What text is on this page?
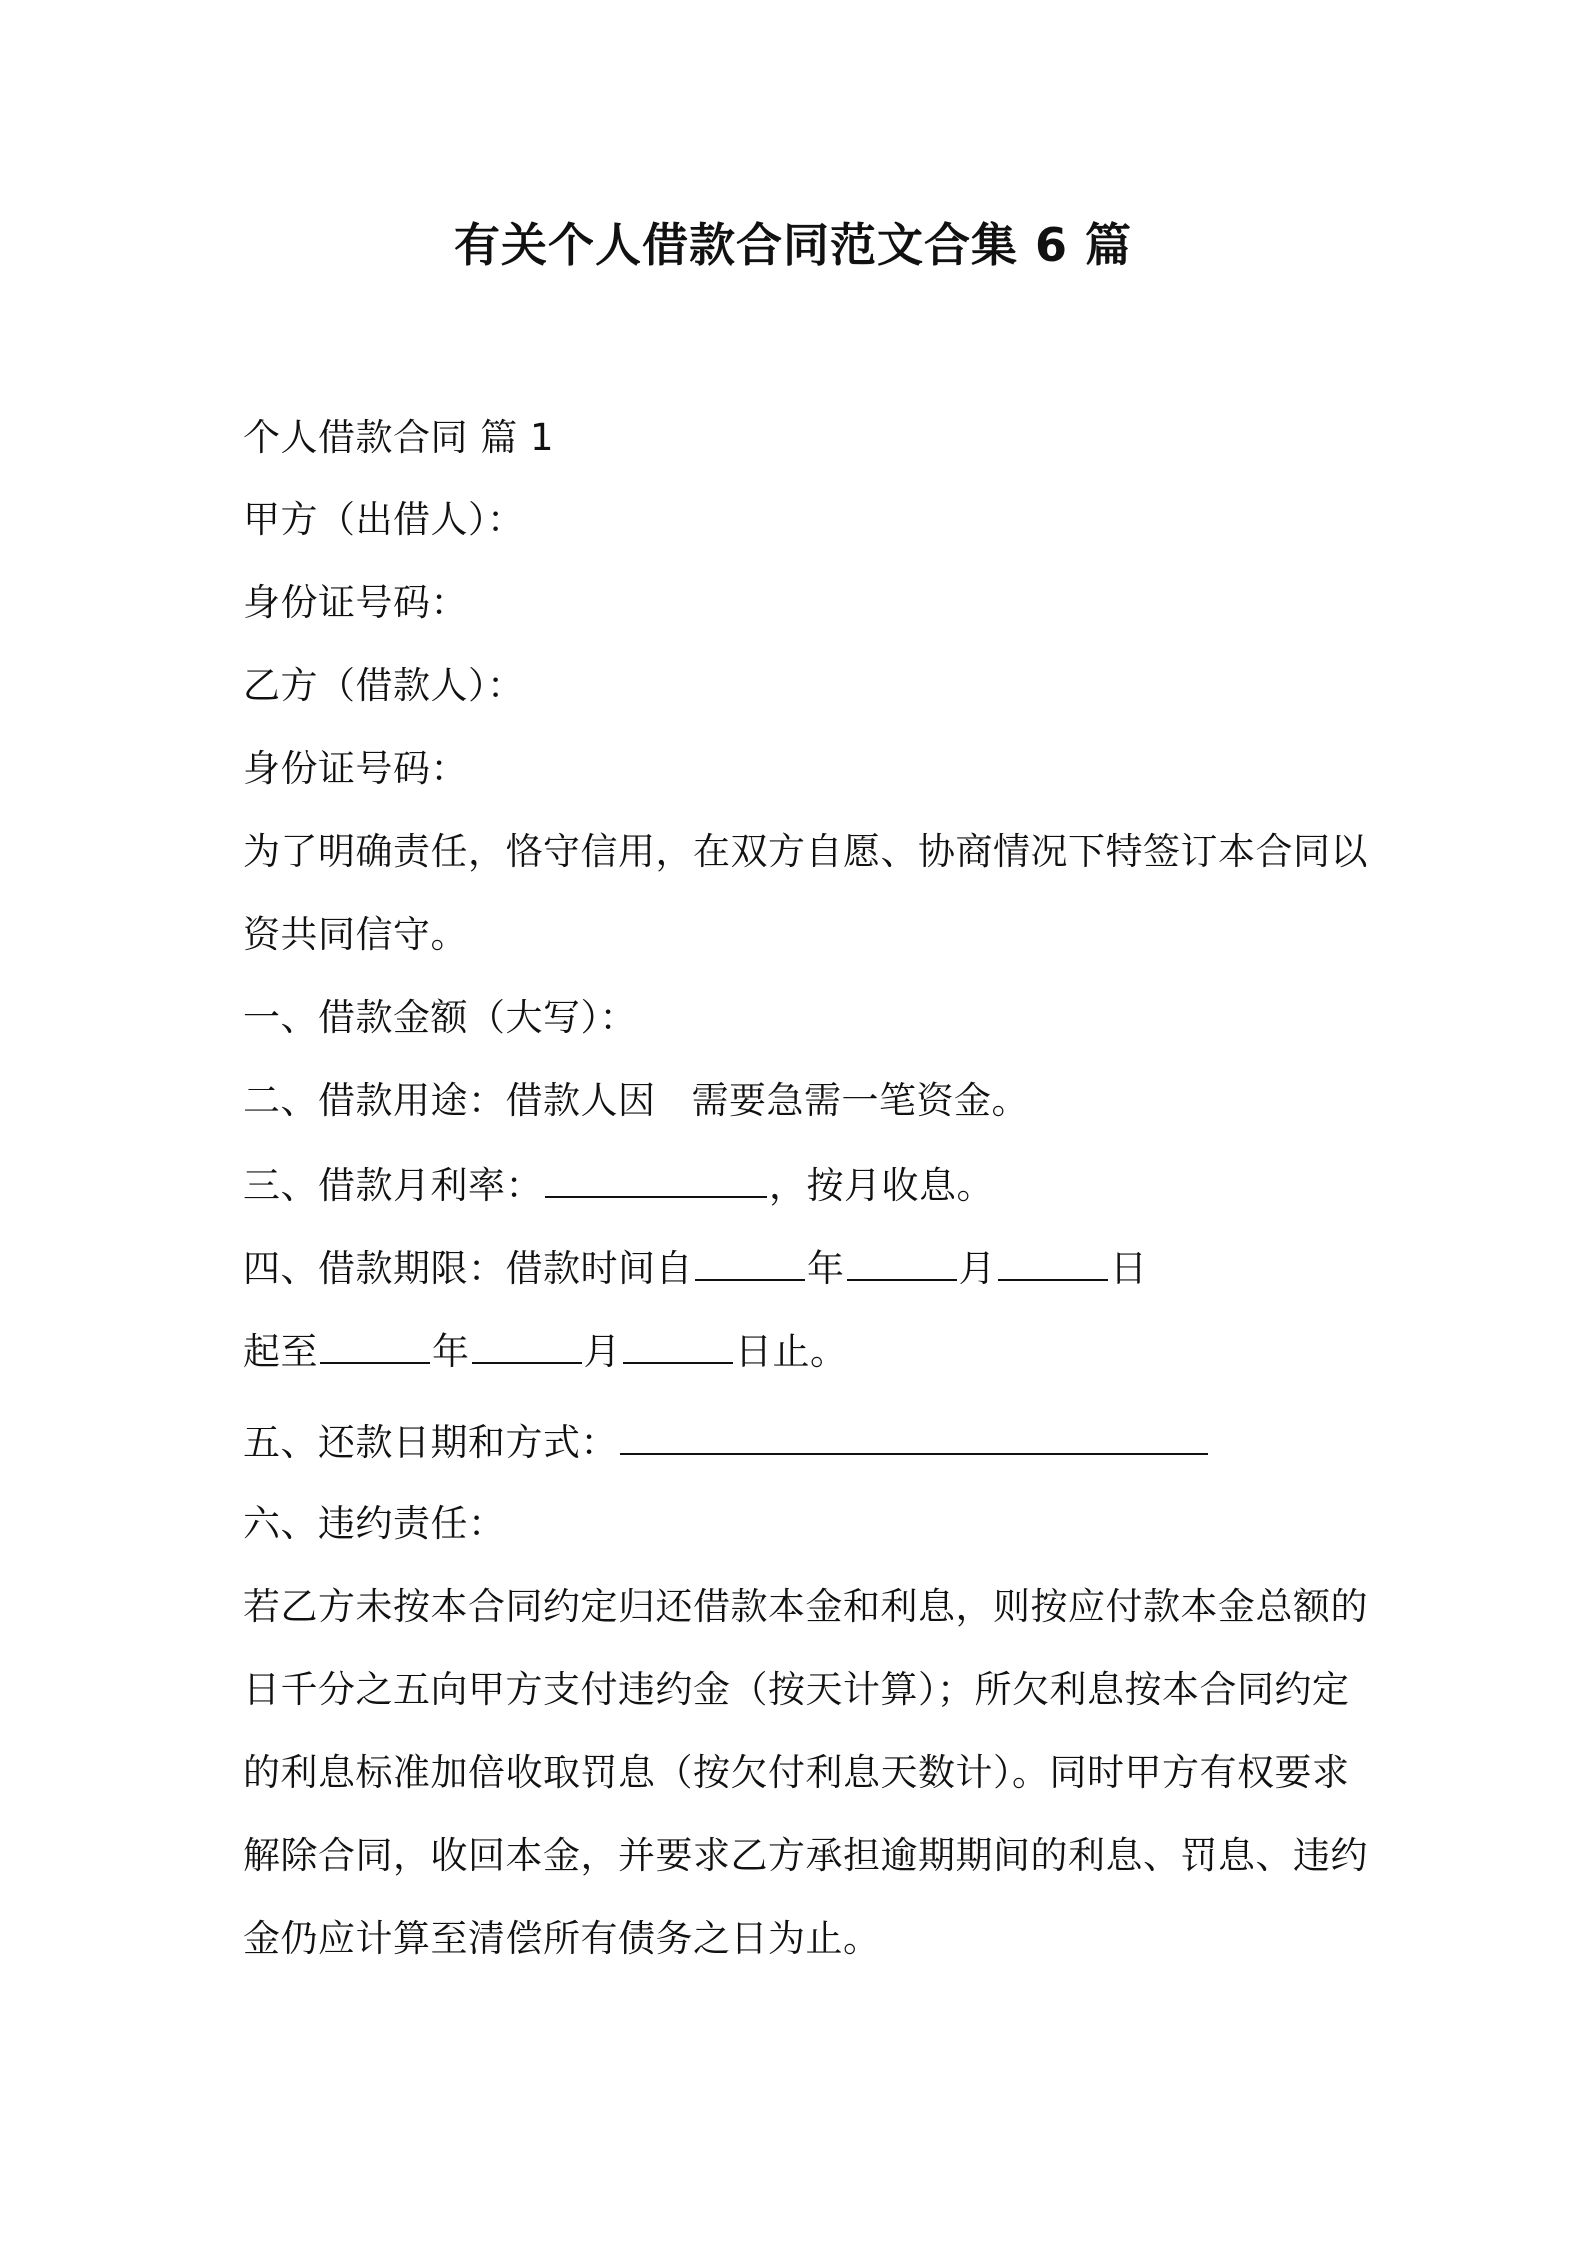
有关个人借款合同范文合集 6 篇
个人借款合同 篇 1
甲方（出借人）：
身份证号码：
乙方（借款人）：
身份证号码：
为了明确责任，恪守信用，在双方自愿、协商情况下特签订本合同以
资共同信守。
一、借款金额（大写）：
二、借款用途：借款人因 需要急需一笔资金。
三、借款月利率：	，按月收息。
四、借款期限：借款时间自	年	月	日
起至	年	月	日止。
五、还款日期和方式：
六、违约责任：
若乙方未按本合同约定归还借款本金和利息，则按应付款本金总额的
日千分之五向甲方支付违约金（按天计算）；所欠利息按本合同约定
的利息标准加倍收取罚息（按欠付利息天数计）。同时甲方有权要求
解除合同，收回本金，并要求乙方承担逾期期间的利息、罚息、违约
金仍应计算至清偿所有债务之日为止。
